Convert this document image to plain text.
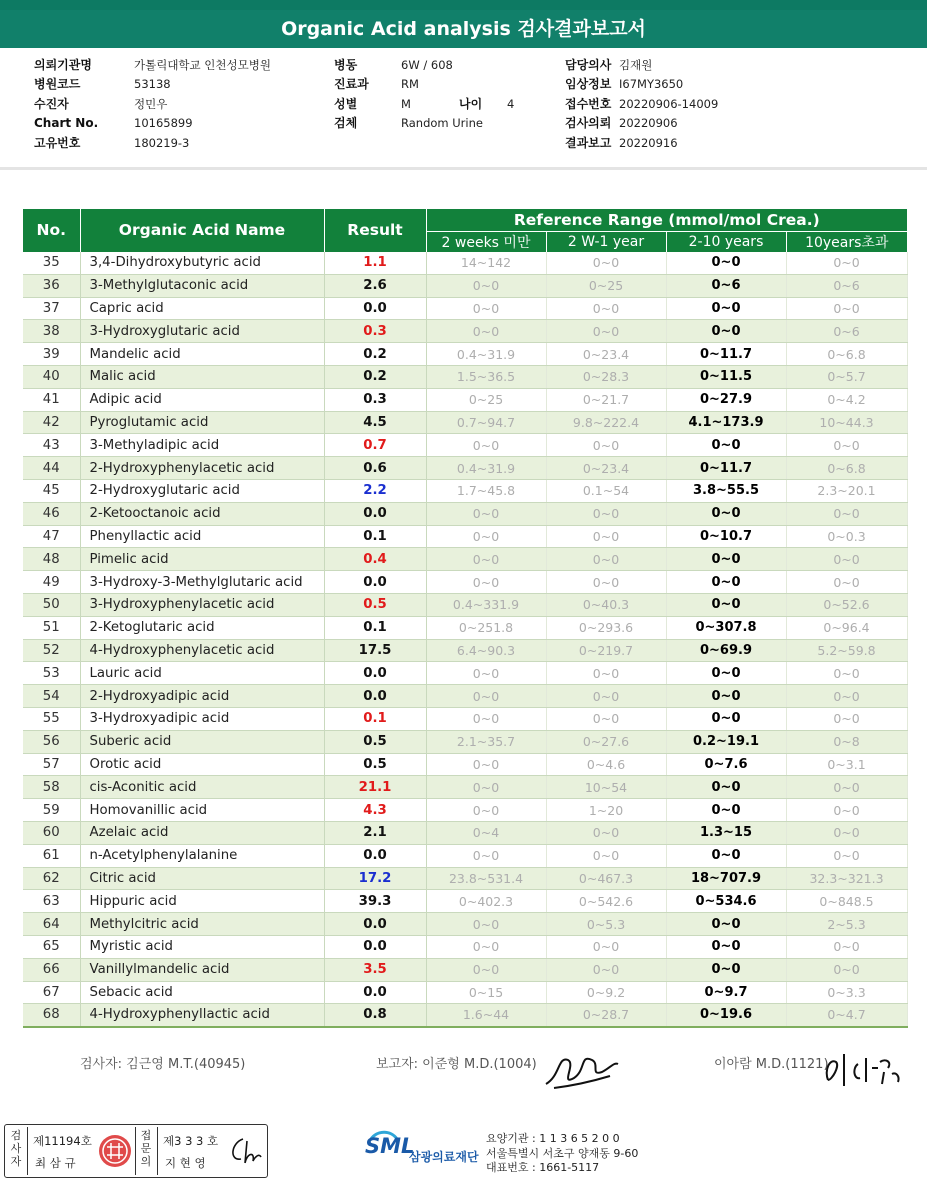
Organic Acid analysis 검사결과보고서
의뢰기관명	가톨릭대학교 인천성모병원
병원코드	53138
수진자	정민우
Chart No.	10165899
고유번호	180219-3
병동	6W / 608
진료과	RM
성별	M	나이 4
검체	Random Urine
담당의사 김재원
임상정보 I67MY3650
접수번호 20220906-14009
검사의뢰 20220906
결과보고 20220916
No.	Organic Acid Name	Result	Reference Range (mmol/mol Crea.)			
			2 weeks 미만	2 W-1 year	2-10 years	10years초과
35	3,4-Dihydroxybutyric acid	1.1	14~142	0~0	0~0	0~0
36	3-Methylglutaconic acid	2.6	0~0	0~25	0~6	0~6
37	Capric acid	0.0	0~0	0~0	0~0	0~0
38	3-Hydroxyglutaric acid	0.3	0~0	0~0	0~0	0~6
39	Mandelic acid	0.2	0.4~31.9	0~23.4	0~11.7	0~6.8
40	Malic acid	0.2	1.5~36.5	0~28.3	0~11.5	0~5.7
41	Adipic acid	0.3	0~25	0~21.7	0~27.9	0~4.2
42	Pyroglutamic acid	4.5	0.7~94.7	9.8~222.4	4.1~173.9	10~44.3
43	3-Methyladipic acid	0.7	0~0	0~0	0~0	0~0
44	2-Hydroxyphenylacetic acid	0.6	0.4~31.9	0~23.4	0~11.7	0~6.8
45	2-Hydroxyglutaric acid	2.2	1.7~45.8	0.1~54	3.8~55.5	2.3~20.1
46	2-Ketooctanoic acid	0.0	0~0	0~0	0~0	0~0
47	Phenyllactic acid	0.1	0~0	0~0	0~10.7	0~0.3
48	Pimelic acid	0.4	0~0	0~0	0~0	0~0
49	3-Hydroxy-3-Methylglutaric acid	0.0	0~0	0~0	0~0	0~0
50	3-Hydroxyphenylacetic acid	0.5	0.4~331.9	0~40.3	0~0	0~52.6
51	2-Ketoglutaric acid	0.1	0~251.8	0~293.6	0~307.8	0~96.4
52	4-Hydroxyphenylacetic acid	17.5	6.4~90.3	0~219.7	0~69.9	5.2~59.8
53	Lauric acid	0.0	0~0	0~0	0~0	0~0
54	2-Hydroxyadipic acid	0.0	0~0	0~0	0~0	0~0
55	3-Hydroxyadipic acid	0.1	0~0	0~0	0~0	0~0
56	Suberic acid	0.5	2.1~35.7	0~27.6	0.2~19.1	0~8
57	Orotic acid	0.5	0~0	0~4.6	0~7.6	0~3.1
58	cis-Aconitic acid	21.1	0~0	10~54	0~0	0~0
59	Homovanillic acid	4.3	0~0	1~20	0~0	0~0
60	Azelaic acid	2.1	0~4	0~0	1.3~15	0~0
61	n-Acetylphenylalanine	0.0	0~0	0~0	0~0	0~0
62	Citric acid	17.2	23.8~531.4	0~467.3	18~707.9	32.3~321.3
63	Hippuric acid	39.3	0~402.3	0~542.6	0~534.6	0~848.5
64	Methylcitric acid	0.0	0~0	0~5.3	0~0	2~5.3
65	Myristic acid	0.0	0~0	0~0	0~0	0~0
66	Vanillylmandelic acid	3.5	0~0	0~0	0~0	0~0
67	Sebacic acid	0.0	0~15	0~9.2	0~9.7	0~3.3
68	4-Hydroxyphenyllactic acid	0.8	1.6~44	0~28.7	0~19.6	0~4.7
검사자: 김근영 M.T.(40945)	보고자: 이준형 M.D.(1004)	이아람 M.D.(1121)
검사자
제11194호
최 삼 규
접문의
제3 3 3 호
지 현 영
SML
삼광의료재단
요양기관 : 1 1 3 6 5 2 0 0
서울특별시 서초구 양재동 9-60
대표번호 : 1661-5117
